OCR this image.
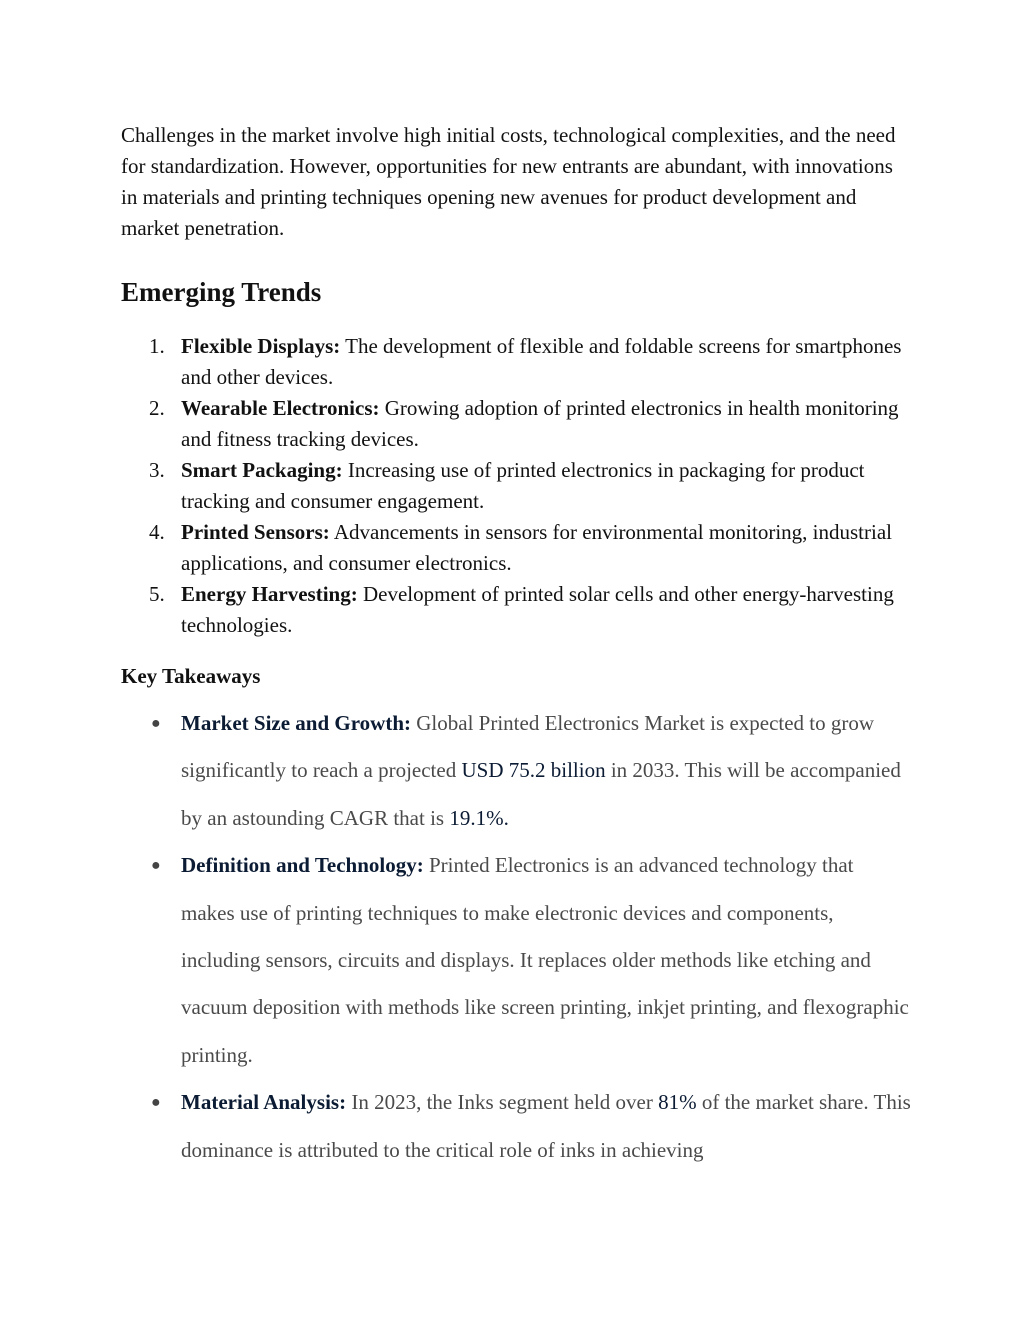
Challenges in the market involve high initial costs, technological complexities, and the need for standardization. However, opportunities for new entrants are abundant, with innovations in materials and printing techniques opening new avenues for product development and market penetration.

Emerging Trends
1. Flexible Displays: The development of flexible and foldable screens for smartphones and other devices.
2. Wearable Electronics: Growing adoption of printed electronics in health monitoring and fitness tracking devices.
3. Smart Packaging: Increasing use of printed electronics in packaging for product tracking and consumer engagement.
4. Printed Sensors: Advancements in sensors for environmental monitoring, industrial applications, and consumer electronics.
5. Energy Harvesting: Development of printed solar cells and other energy-harvesting technologies.
Key Takeaways
● Market Size and Growth: Global Printed Electronics Market is expected to grow significantly to reach a projected USD 75.2 billion in 2033. This will be accompanied by an astounding CAGR that is 19.1%.
● Definition and Technology: Printed Electronics is an advanced technology that makes use of printing techniques to make electronic devices and components, including sensors, circuits and displays. It replaces older methods like etching and vacuum deposition with methods like screen printing, inkjet printing, and flexographic printing.
● Material Analysis: In 2023, the Inks segment held over 81% of the market share. This dominance is attributed to the critical role of inks in achieving
